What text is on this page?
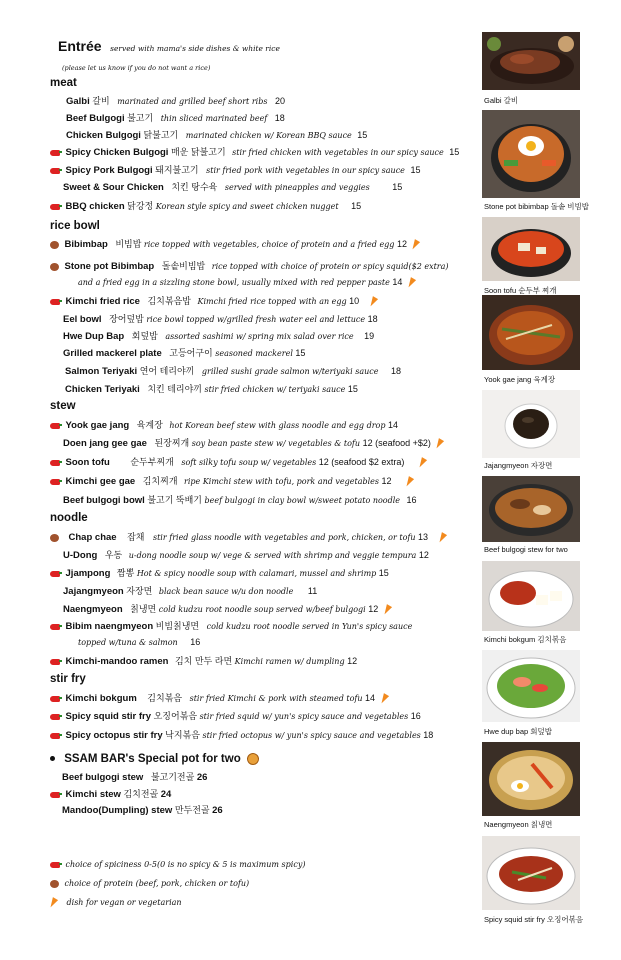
Entrée served with mama's side dishes & white rice
(please let us know if you do not want a rice)
meat
Galbi 갈비 marinated and grilled beef short ribs 20
Beef Bulgogi 불고기 thin sliced marinated beef 18
Chicken Bulgogi 닭불고기 marinated chicken w/ Korean BBQ sauce 15
Spicy Chicken Bulgogi 매운 닭불고기 stir fried chicken with vegetables in our spicy sauce 15
Spicy Pork Bulgogi 돼지불고기 stir fried pork with vegetables in our spicy sauce 15
Sweet & Sour Chicken 치킨 탕수육 served with pineapples and veggies	15
BBQ chicken 닭강정 Korean style spicy and sweet chicken nugget 15
rice bowl
Bibimbap 비빔밥 rice topped with vegetables, choice of protein and a fried egg 12
Stone pot Bibimbap 돌솥비빔밥 rice topped with choice of protein or spicy squid($2 extra)
and a fried egg in a sizzling stone bowl, usually mixed with red pepper paste 14
Kimchi fried rice 김치볶음밥 Kimchi fried rice topped with an egg 10
Eel bowl 장어덮밥 rice bowl topped w/grilled fresh water eel and lettuce 18
Hwe Dup Bap 회덮밥 assorted sashimi w/ spring mix salad over rice 19
Grilled mackerel plate 고등어구이 seasoned mackerel 15
Salmon Teriyaki 연어 테리야끼 grilled sushi grade salmon w/teriyaki sauce 18
Chicken Teriyaki 치킨 테리야끼 stir fried chicken w/ teriyaki sauce 15
stew
Yook gae jang 육계장 hot Korean beef stew with glass noodle and egg drop 14
Doen jang gee gae 된장찌개 soy bean paste stew w/ vegetables & tofu 12 (seafood +$2)
Soon tofu 순두부찌개 soft silky tofu soup w/ vegetables 12 (seafood $2 extra)
Kimchi gee gae 김치찌개 ripe Kimchi stew with tofu, pork and vegetables 12
Beef bulgogi bowl 불고기 뚝배기 beef bulgogi in clay bowl w/sweet potato noodle 16
noodle
Chap chae 잡채 stir fried glass noodle with vegetables and pork, chicken, or tofu 13
U-Dong 우동 u-dong noodle soup w/ vege & served with shrimp and veggie tempura 12
Jjampong 짬뽕 Hot & spicy noodle soup with calamari, mussel and shrimp 15
Jajangmyeon 자장면 black bean sauce w/u don noodle 11
Naengmyeon 칡냉면 cold kudzu root noodle soup served w/beef bulgogi 12
Bibim naengmyeon 비빔칡냉면 cold kudzu root noodle served in Yun's spicy sauce
topped w/tuna & salmon 16
Kimchi-mandoo ramen 김치 만두 라면 Kimchi ramen w/ dumpling 12
stir fry
Kimchi bokgum 김치볶음 stir fried Kimchi & pork with steamed tofu 14
Spicy squid stir fry 오징어볶음 stir fried squid w/ yun's spicy sauce and vegetables 16
Spicy octopus stir fry 낙지볶음 stir fried octopus w/ yun's spicy sauce and vegetables 18
SSAM BAR's Special pot for two
Beef bulgogi stew 불고기전골 26
Kimchi stew 김치전골 24
Mandoo(Dumpling) stew 만두전골 26
choice of spiciness 0-5(0 is no spicy & 5 is maximum spicy)
choice of protein (beef, pork, chicken or tofu)
dish for vegan or vegetarian
Galbi 갈비
Stone pot bibimbap 돌솥 비빔밥
Soon tofu 순두부 찌개
Yook gae jang 육계장
Jajangmyeon 자장면
Beef bulgogi stew for two
Kimchi bokgum 김치볶음
Hwe dup bap 회덮밥
Naengmyeon 칡냉면
Spicy squid stir fry 오징어볶음
